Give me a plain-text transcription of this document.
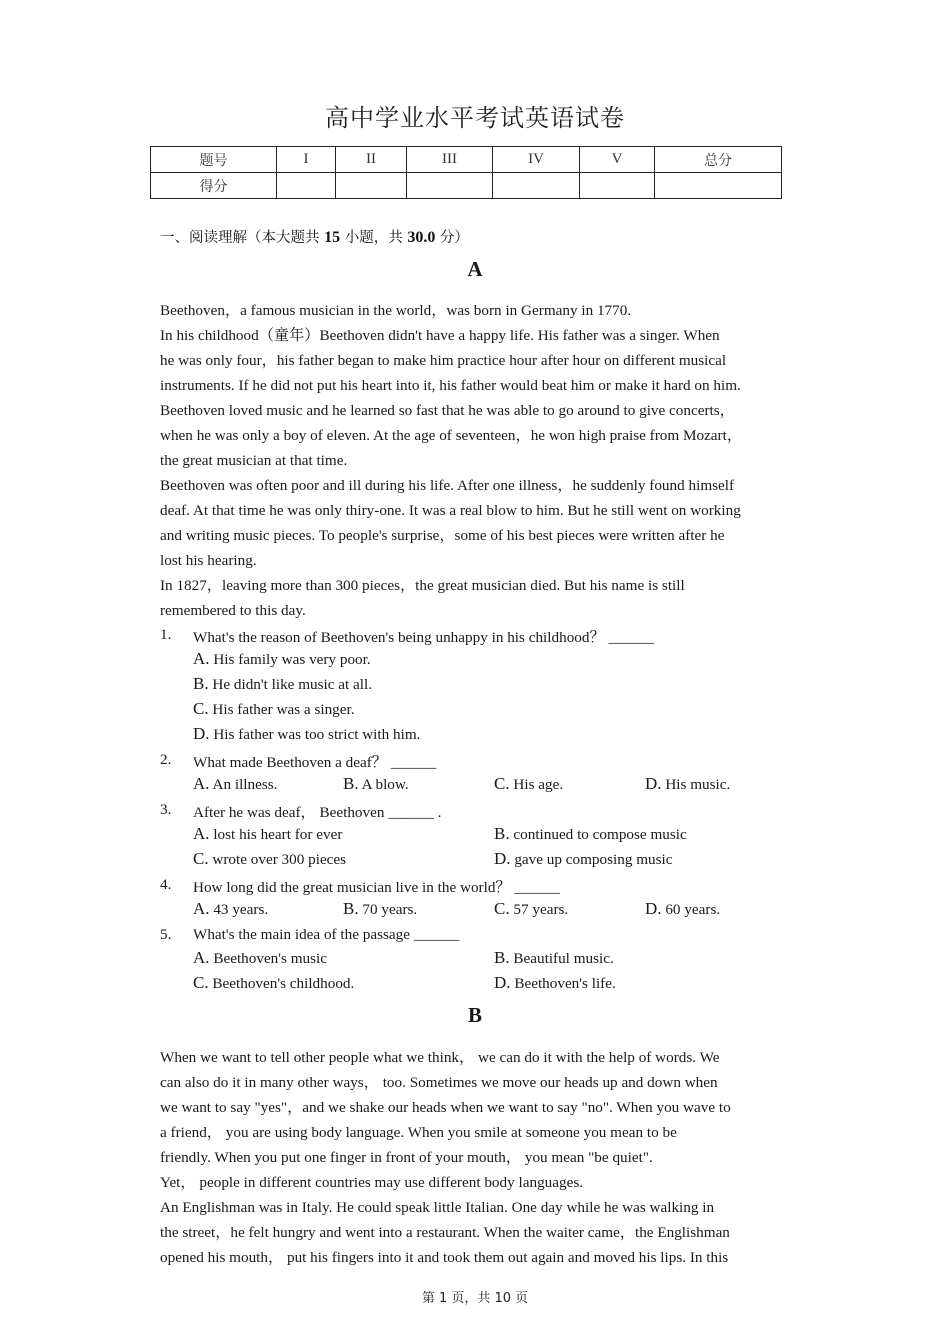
高中学业水平考试英语试卷
题号	I	II	III	IV	V	总分
得分						
一、阅读理解（本大题共 15 小题，共 30.0 分）
A
Beethoven，a famous musician in the world，was born in Germany in 1770.
In his childhood（童年）Beethoven didn't have a happy life. His father was a singer. When
he was only four，his father began to make him practice hour after hour on different musical
instruments. If he did not put his heart into it, his father would beat him or make it hard on him.
Beethoven loved music and he learned so fast that he was able to go around to give concerts，
when he was only a boy of eleven. At the age of seventeen，he won high praise from Mozart，
the great musician at that time.
Beethoven was often poor and ill during his life. After one illness，he suddenly found himself
deaf. At that time he was only thiry-one. It was a real blow to him. But he still went on working
and writing music pieces. To people's surprise，some of his best pieces were written after he
lost his hearing.
In 1827，leaving more than 300 pieces，the great musician died. But his name is still
remembered to this day.
1. What's the reason of Beethoven's being unhappy in his childhood？ ______
A. His family was very poor.
B. He didn't like music at all.
C. His father was a singer.
D. His father was too strict with him.
2. What made Beethoven a deaf？ ______
A. An illness.	B. A blow.	C. His age.	D. His music.
3. After he was deaf， Beethoven ______ .
A. lost his heart for ever	B. continued to compose music
C. wrote over 300 pieces	D. gave up composing music
4. How long did the great musician live in the world？ ______
A. 43 years.	B. 70 years.	C. 57 years.	D. 60 years.
5. What's the main idea of the passage ______
A. Beethoven's music	B. Beautiful music.
C. Beethoven's childhood.	D. Beethoven's life.
B
When we want to tell other people what we think， we can do it with the help of words. We
can also do it in many other ways， too. Sometimes we move our heads up and down when
we want to say "yes"，and we shake our heads when we want to say "no". When you wave to
a friend， you are using body language. When you smile at someone you mean to be
friendly. When you put one finger in front of your mouth， you mean "be quiet".
Yet， people in different countries may use different body languages.
An Englishman was in Italy. He could speak little Italian. One day while he was walking in
the street，he felt hungry and went into a restaurant. When the waiter came，the Englishman
opened his mouth， put his fingers into it and took them out again and moved his lips. In this
第 1 页，共 10 页
